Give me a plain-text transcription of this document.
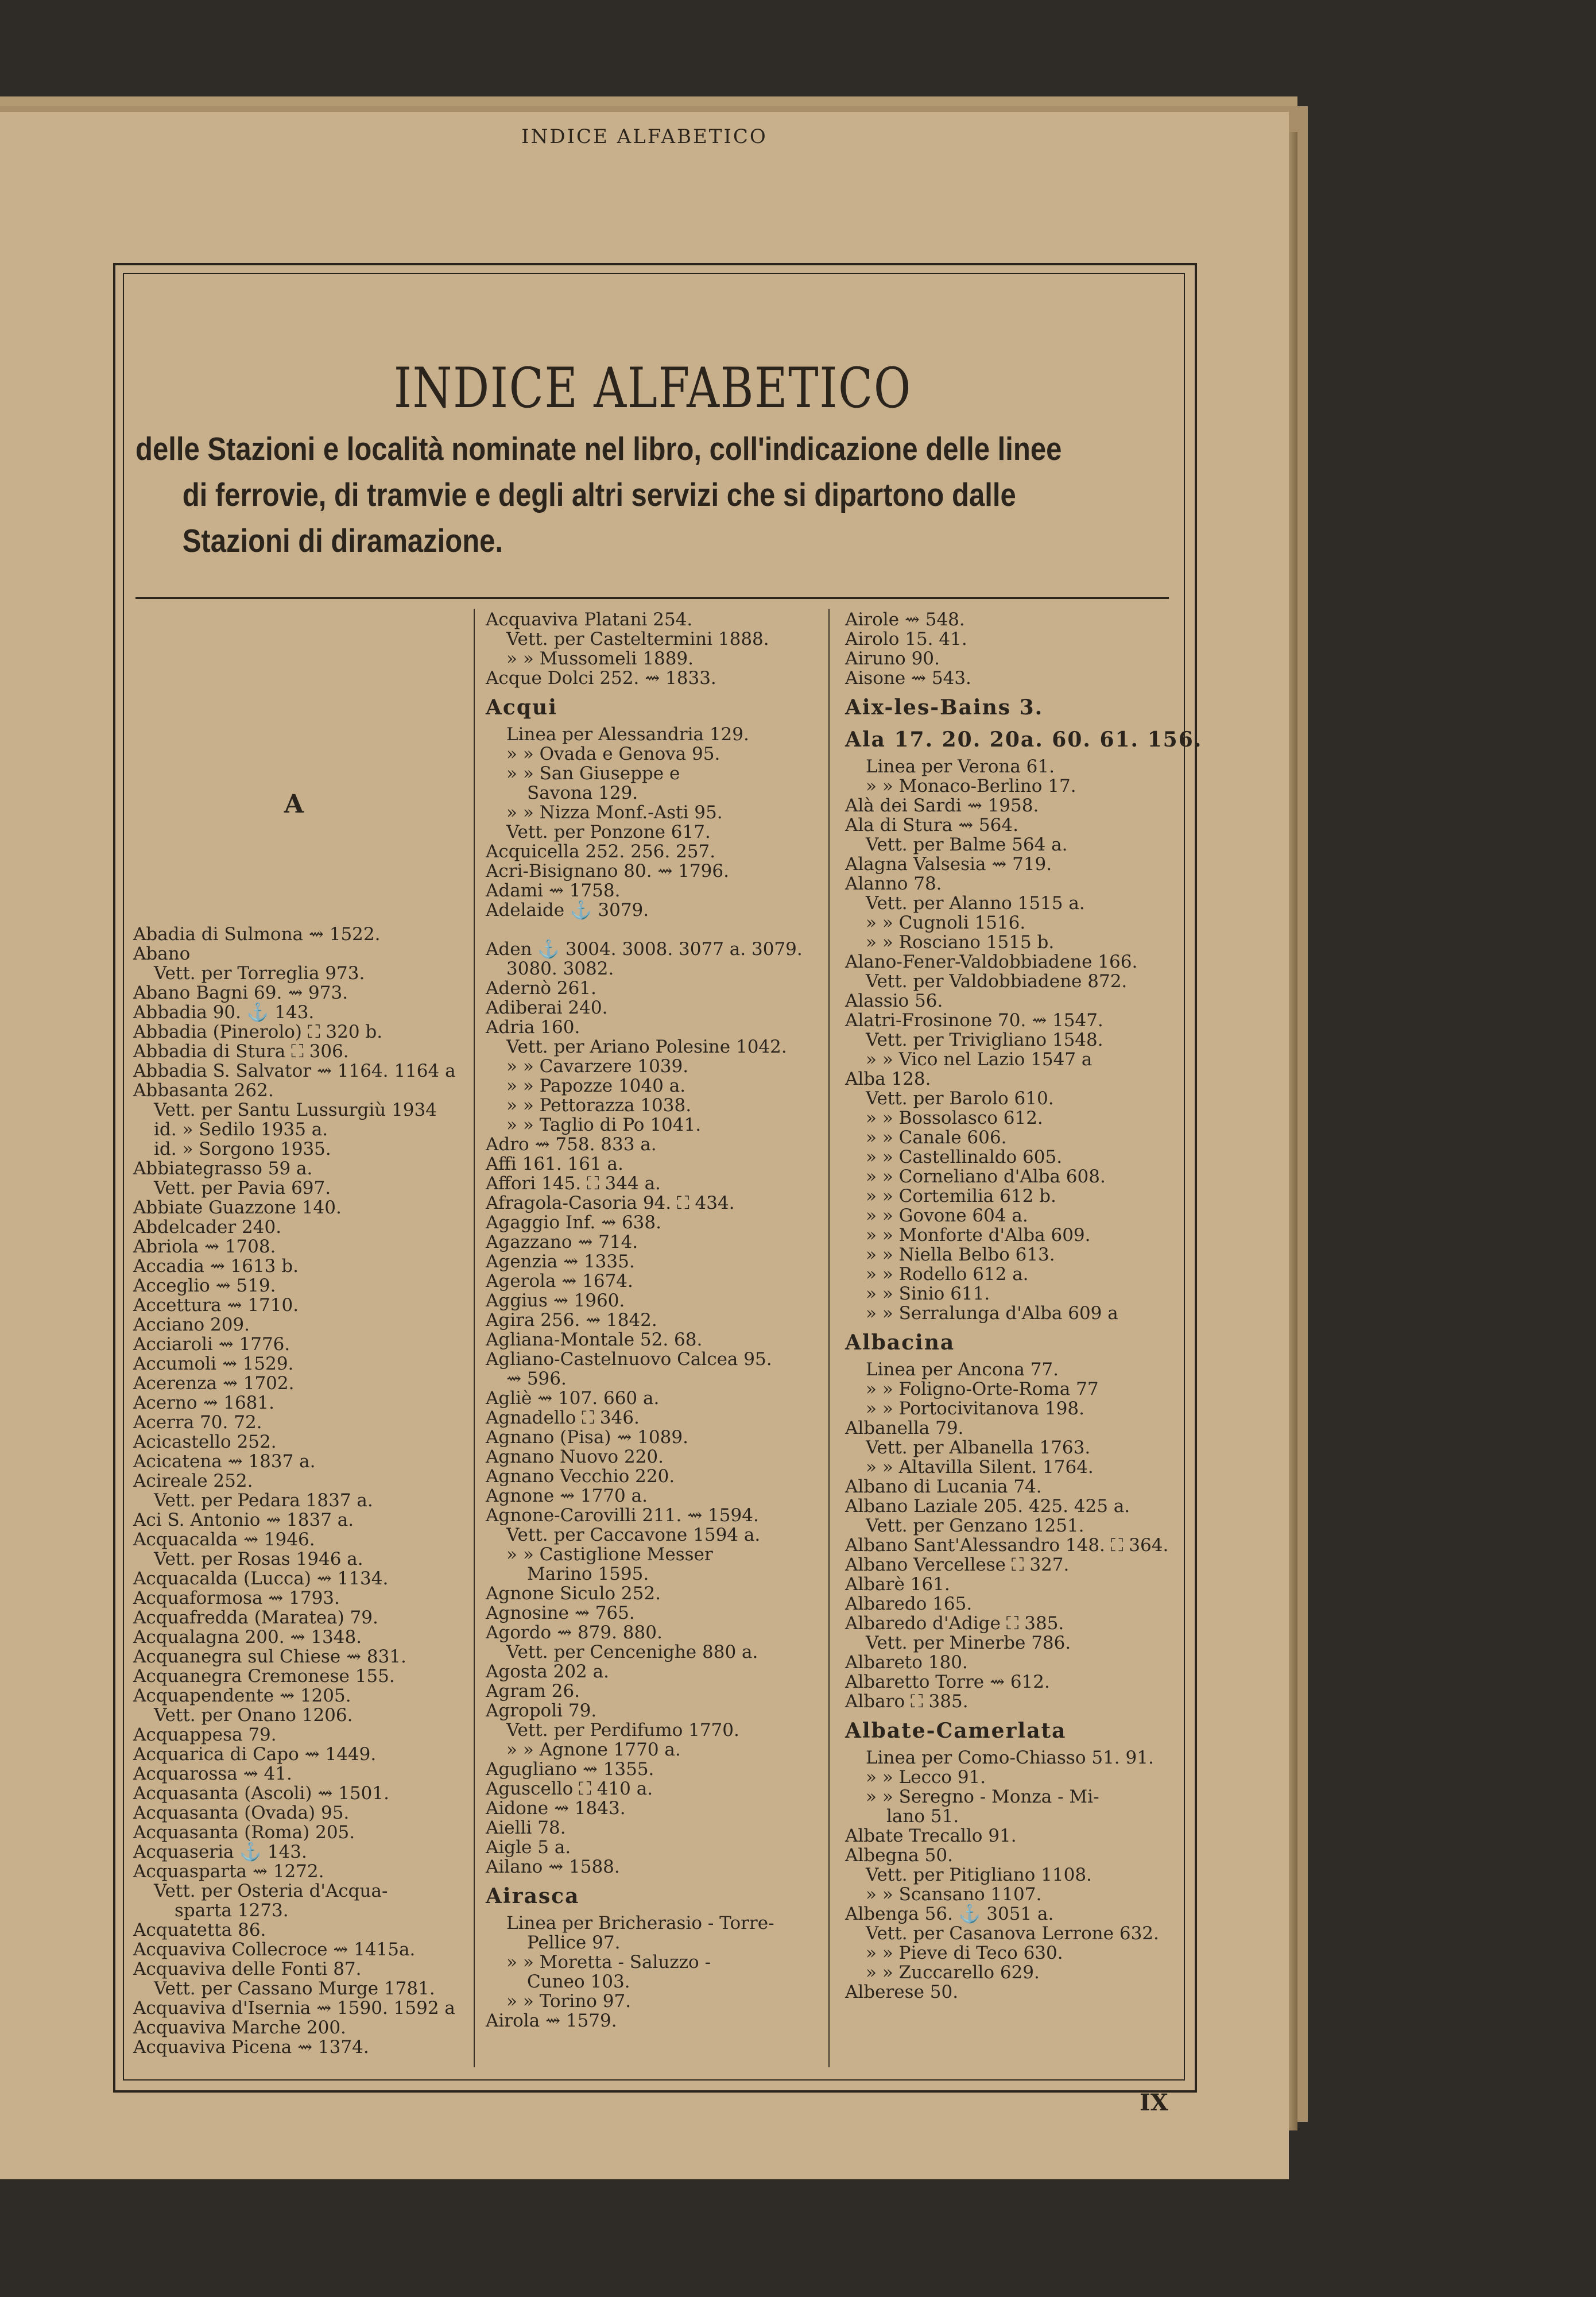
INDICE ALFABETICO
INDICE ALFABETICO
delle Stazioni e località nominate nel libro, coll'indicazione delle linee
di ferrovie, di tramvie e degli altri servizi che si dipartono dalle
Stazioni di diramazione.
A
Abadia di Sulmona ⇝ 1522.
Abano
Vett. per Torreglia 973.
Abano Bagni 69. ⇝ 973.
Abbadia 90. ⚓ 143.
Abbadia (Pinerolo) ⛶ 320 b.
Abbadia di Stura ⛶ 306.
Abbadia S. Salvator ⇝ 1164. 1164 a
Abbasanta 262.
Vett. per Santu Lussurgiù 1934
id. » Sedilo 1935 a.
id. » Sorgono 1935.
Abbiategrasso 59 a.
Vett. per Pavia 697.
Abbiate Guazzone 140.
Abdelcader 240.
Abriola ⇝ 1708.
Accadia ⇝ 1613 b.
Acceglio ⇝ 519.
Accettura ⇝ 1710.
Acciano 209.
Acciaroli ⇝ 1776.
Accumoli ⇝ 1529.
Acerenza ⇝ 1702.
Acerno ⇝ 1681.
Acerra 70. 72.
Acicastello 252.
Acicatena ⇝ 1837 a.
Acireale 252.
Vett. per Pedara 1837 a.
Aci S. Antonio ⇝ 1837 a.
Acquacalda ⇝ 1946.
Vett. per Rosas 1946 a.
Acquacalda (Lucca) ⇝ 1134.
Acquaformosa ⇝ 1793.
Acquafredda (Maratea) 79.
Acqualagna 200. ⇝ 1348.
Acquanegra sul Chiese ⇝ 831.
Acquanegra Cremonese 155.
Acquapendente ⇝ 1205.
Vett. per Onano 1206.
Acquappesa 79.
Acquarica di Capo ⇝ 1449.
Acquarossa ⇝ 41.
Acquasanta (Ascoli) ⇝ 1501.
Acquasanta (Ovada) 95.
Acquasanta (Roma) 205.
Acquaseria ⚓ 143.
Acquasparta ⇝ 1272.
Vett. per Osteria d'Acqua-
sparta 1273.
Acquatetta 86.
Acquaviva Collecroce ⇝ 1415a.
Acquaviva delle Fonti 87.
Vett. per Cassano Murge 1781.
Acquaviva d'Isernia ⇝ 1590. 1592 a
Acquaviva Marche 200.
Acquaviva Picena ⇝ 1374.
Acquaviva Platani 254.
Vett. per Casteltermini 1888.
» » Mussomeli 1889.
Acque Dolci 252. ⇝ 1833.
Acqui
Linea per Alessandria 129.
» » Ovada e Genova 95.
» » San Giuseppe e
Savona 129.
» » Nizza Monf.-Asti 95.
Vett. per Ponzone 617.
Acquicella 252. 256. 257.
Acri-Bisignano 80. ⇝ 1796.
Adami ⇝ 1758.
Adelaide ⚓ 3079.

Aden ⚓ 3004. 3008. 3077 a. 3079.
3080. 3082.
Adernò 261.
Adiberai 240.
Adria 160.
Vett. per Ariano Polesine 1042.
» » Cavarzere 1039.
» » Papozze 1040 a.
» » Pettorazza 1038.
» » Taglio di Po 1041.
Adro ⇝ 758. 833 a.
Affi 161. 161 a.
Affori 145. ⛶ 344 a.
Afragola-Casoria 94. ⛶ 434.
Agaggio Inf. ⇝ 638.
Agazzano ⇝ 714.
Agenzia ⇝ 1335.
Agerola ⇝ 1674.
Aggius ⇝ 1960.
Agira 256. ⇝ 1842.
Agliana-Montale 52. 68.
Agliano-Castelnuovo Calcea 95.
⇝ 596.
Agliè ⇝ 107. 660 a.
Agnadello ⛶ 346.
Agnano (Pisa) ⇝ 1089.
Agnano Nuovo 220.
Agnano Vecchio 220.
Agnone ⇝ 1770 a.
Agnone-Carovilli 211. ⇝ 1594.
Vett. per Caccavone 1594 a.
» » Castiglione Messer
Marino 1595.
Agnone Siculo 252.
Agnosine ⇝ 765.
Agordo ⇝ 879. 880.
Vett. per Cencenighe 880 a.
Agosta 202 a.
Agram 26.
Agropoli 79.
Vett. per Perdifumo 1770.
» » Agnone 1770 a.
Agugliano ⇝ 1355.
Aguscello ⛶ 410 a.
Aidone ⇝ 1843.
Aielli 78.
Aigle 5 a.
Ailano ⇝ 1588.
Airasca
Linea per Bricherasio - Torre-
Pellice 97.
» » Moretta - Saluzzo -
Cuneo 103.
» » Torino 97.
Airola ⇝ 1579.
Airole ⇝ 548.
Airolo 15. 41.
Airuno 90.
Aisone ⇝ 543.
Aix-les-Bains 3.
Ala 17. 20. 20a. 60. 61. 156.
Linea per Verona 61.
» » Monaco-Berlino 17.
Alà dei Sardi ⇝ 1958.
Ala di Stura ⇝ 564.
Vett. per Balme 564 a.
Alagna Valsesia ⇝ 719.
Alanno 78.
Vett. per Alanno 1515 a.
» » Cugnoli 1516.
» » Rosciano 1515 b.
Alano-Fener-Valdobbiadene 166.
Vett. per Valdobbiadene 872.
Alassio 56.
Alatri-Frosinone 70. ⇝ 1547.
Vett. per Trivigliano 1548.
» » Vico nel Lazio 1547 a
Alba 128.
Vett. per Barolo 610.
» » Bossolasco 612.
» » Canale 606.
» » Castellinaldo 605.
» » Corneliano d'Alba 608.
» » Cortemilia 612 b.
» » Govone 604 a.
» » Monforte d'Alba 609.
» » Niella Belbo 613.
» » Rodello 612 a.
» » Sinio 611.
» » Serralunga d'Alba 609 a
Albacina
Linea per Ancona 77.
» » Foligno-Orte-Roma 77
» » Portocivitanova 198.
Albanella 79.
Vett. per Albanella 1763.
» » Altavilla Silent. 1764.
Albano di Lucania 74.
Albano Laziale 205. 425. 425 a.
Vett. per Genzano 1251.
Albano Sant'Alessandro 148. ⛶ 364.
Albano Vercellese ⛶ 327.
Albarè 161.
Albaredo 165.
Albaredo d'Adige ⛶ 385.
Vett. per Minerbe 786.
Albareto 180.
Albaretto Torre ⇝ 612.
Albaro ⛶ 385.
Albate-Camerlata
Linea per Como-Chiasso 51. 91.
» » Lecco 91.
» » Seregno - Monza - Mi-
lano 51.
Albate Trecallo 91.
Albegna 50.
Vett. per Pitigliano 1108.
» » Scansano 1107.
Albenga 56. ⚓ 3051 a.
Vett. per Casanova Lerrone 632.
» » Pieve di Teco 630.
» » Zuccarello 629.
Alberese 50.
IX
